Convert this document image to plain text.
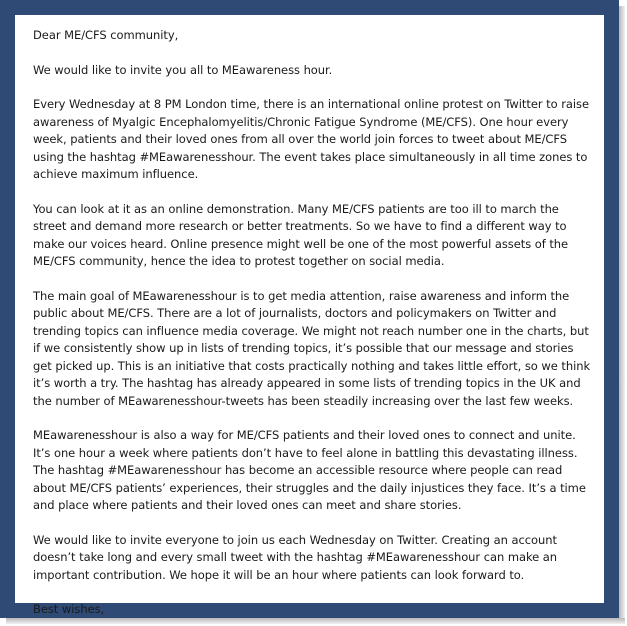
Dear ME/CFS community,

We would like to invite you all to MEawareness hour.

Every Wednesday at 8 PM London time, there is an international online protest on Twitter to raise awareness of Myalgic Encephalomyelitis/Chronic Fatigue Syndrome (ME/CFS). One hour every week, patients and their loved ones from all over the world join forces to tweet about ME/CFS using the hashtag #MEawarenesshour. The event takes place simultaneously in all time zones to achieve maximum influence.

You can look at it as an online demonstration. Many ME/CFS patients are too ill to march the street and demand more research or better treatments. So we have to find a different way to make our voices heard. Online presence might well be one of the most powerful assets of the ME/CFS community, hence the idea to protest together on social media.

The main goal of MEawarenesshour is to get media attention, raise awareness and inform the public about ME/CFS. There are a lot of journalists, doctors and policymakers on Twitter and trending topics can influence media coverage. We might not reach number one in the charts, but if we consistently show up in lists of trending topics, it’s possible that our message and stories get picked up. This is an initiative that costs practically nothing and takes little effort, so we think it’s worth a try. The hashtag has already appeared in some lists of trending topics in the UK and the number of MEawarenesshour-tweets has been steadily increasing over the last few weeks.

MEawarenesshour is also a way for ME/CFS patients and their loved ones to connect and unite. It’s one hour a week where patients don’t have to feel alone in battling this devastating illness. The hashtag #MEawarenesshour has become an accessible resource where people can read about ME/CFS patients’ experiences, their struggles and the daily injustices they face. It’s a time and place where patients and their loved ones can meet and share stories.

We would like to invite everyone to join us each Wednesday on Twitter. Creating an account doesn’t take long and every small tweet with the hashtag #MEawarenesshour can make an important contribution. We hope it will be an hour where patients can look forward to.

Best wishes,
